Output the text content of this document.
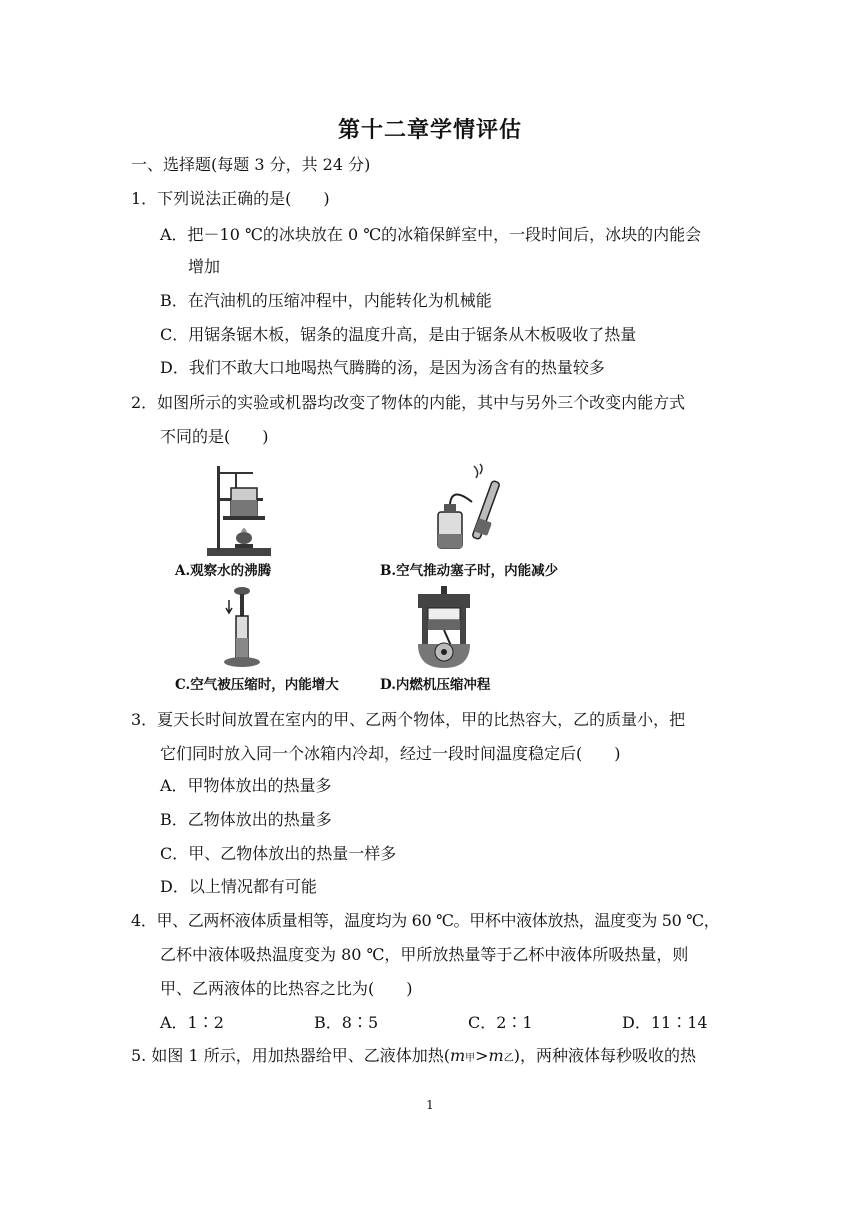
第十二章学情评估
一、选择题(每题 3 分，共 24 分)
1．下列说法正确的是(　　)
A．把－10 ℃的冰块放在 0 ℃的冰箱保鲜室中，一段时间后，冰块的内能会
增加
B．在汽油机的压缩冲程中，内能转化为机械能
C．用锯条锯木板，锯条的温度升高，是由于锯条从木板吸收了热量
D．我们不敢大口地喝热气腾腾的汤，是因为汤含有的热量较多
2．如图所示的实验或机器均改变了物体的内能，其中与另外三个改变内能方式
不同的是(　　)
A.观察水的沸腾	B.空气推动塞子时，内能减少
C.空气被压缩时，内能增大	D.内燃机压缩冲程
3．夏天长时间放置在室内的甲、乙两个物体，甲的比热容大，乙的质量小，把
它们同时放入同一个冰箱内冷却，经过一段时间温度稳定后(　　)
A．甲物体放出的热量多
B．乙物体放出的热量多
C．甲、乙物体放出的热量一样多
D．以上情况都有可能
4．甲、乙两杯液体质量相等，温度均为 60 ℃。甲杯中液体放热，温度变为 50 ℃，
乙杯中液体吸热温度变为 80 ℃，甲所放热量等于乙杯中液体所吸热量，则
甲、乙两液体的比热容之比为(　　)
A．1∶2	B．8∶5	C．2∶1	D．11∶14
5. 如图 1 所示，用加热器给甲、乙液体加热(m甲>m乙)，两种液体每秒吸收的热
1
